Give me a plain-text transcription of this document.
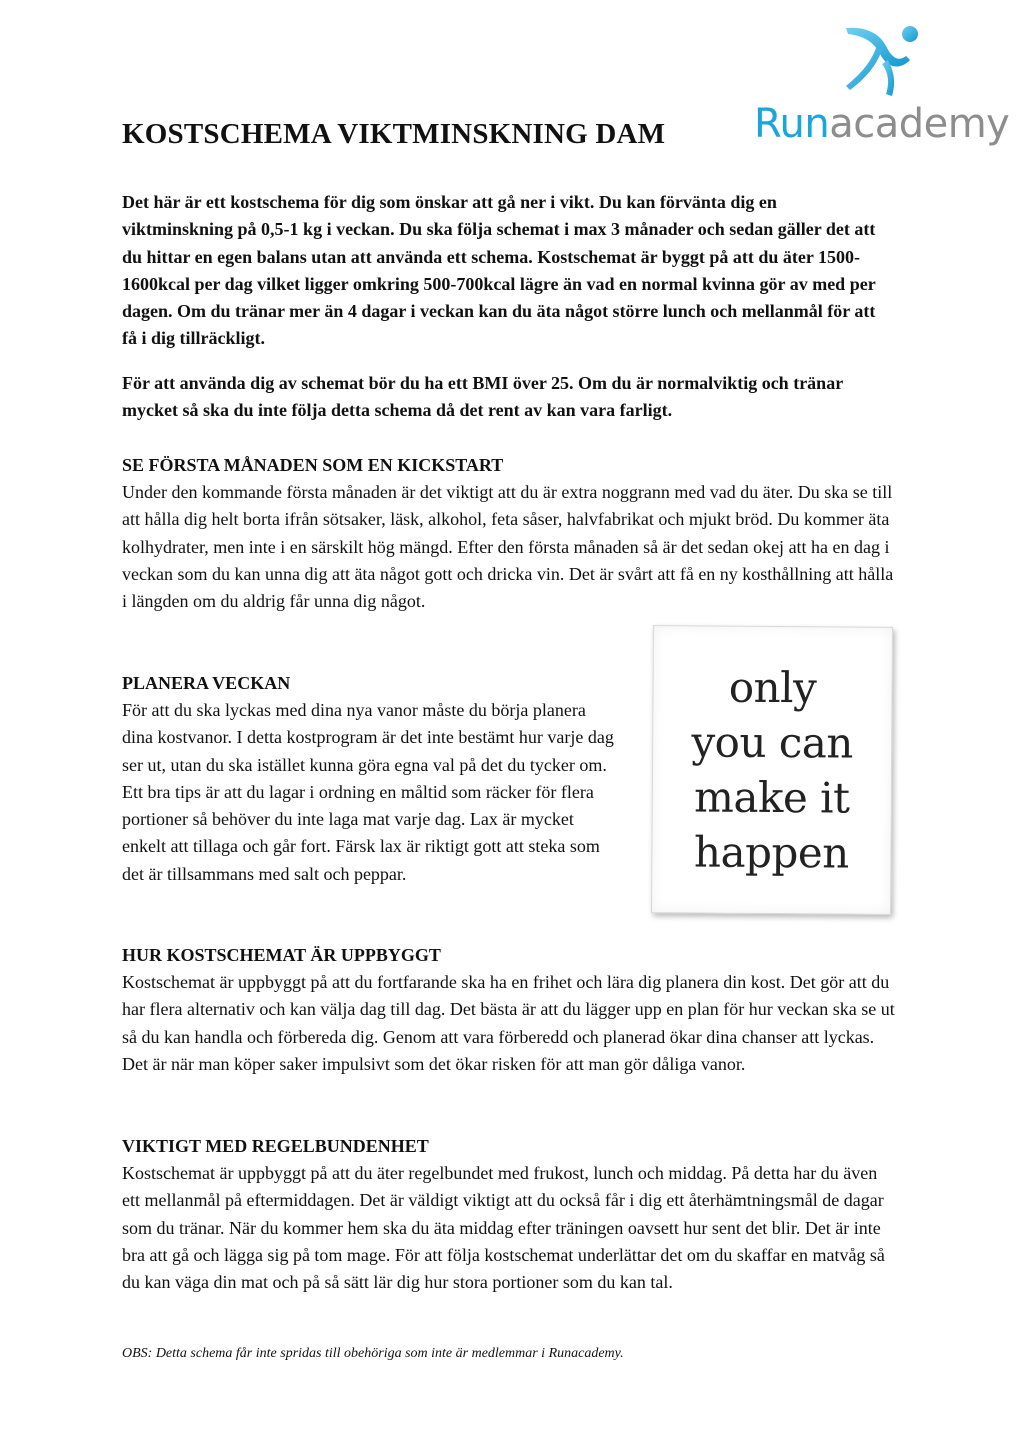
Runacademy
KOSTSCHEMA VIKTMINSKNING DAM

Det här är ett kostschema för dig som önskar att gå ner i vikt. Du kan förvänta dig en viktminskning på 0,5-1 kg i veckan. Du ska följa schemat i max 3 månader och sedan gäller det att du hittar en egen balans utan att använda ett schema. Kostschemat är byggt på att du äter 1500-1600kcal per dag vilket ligger omkring 500-700kcal lägre än vad en normal kvinna gör av med per dagen. Om du tränar mer än 4 dagar i veckan kan du äta något större lunch och mellanmål för att få i dig tillräckligt.

För att använda dig av schemat bör du ha ett BMI över 25. Om du är normalviktig och tränar mycket så ska du inte följa detta schema då det rent av kan vara farligt.

SE FÖRSTA MÅNADEN SOM EN KICKSTART

Under den kommande första månaden är det viktigt att du är extra noggrann med vad du äter. Du ska se till att hålla dig helt borta ifrån sötsaker, läsk, alkohol, feta såser, halvfabrikat och mjukt bröd. Du kommer äta kolhydrater, men inte i en särskilt hög mängd. Efter den första månaden så är det sedan okej att ha en dag i veckan som du kan unna dig att äta något gott och dricka vin. Det är svårt att få en ny kosthållning att hålla i längden om du aldrig får unna dig något.

PLANERA VECKAN

För att du ska lyckas med dina nya vanor måste du börja planera dina kostvanor. I detta kostprogram är det inte bestämt hur varje dag ser ut, utan du ska istället kunna göra egna val på det du tycker om. Ett bra tips är att du lagar i ordning en måltid som räcker för flera portioner så behöver du inte laga mat varje dag. Lax är mycket enkelt att tillaga och går fort. Färsk lax är riktigt gott att steka som det är tillsammans med salt och peppar.

only
you can
make it
happen
HUR KOSTSCHEMAT ÄR UPPBYGGT

Kostschemat är uppbyggt på att du fortfarande ska ha en frihet och lära dig planera din kost. Det gör att du har flera alternativ och kan välja dag till dag. Det bästa är att du lägger upp en plan för hur veckan ska se ut så du kan handla och förbereda dig. Genom att vara förberedd och planerad ökar dina chanser att lyckas. Det är när man köper saker impulsivt som det ökar risken för att man gör dåliga vanor.

VIKTIGT MED REGELBUNDENHET

Kostschemat är uppbyggt på att du äter regelbundet med frukost, lunch och middag. På detta har du även ett mellanmål på eftermiddagen. Det är väldigt viktigt att du också får i dig ett återhämtningsmål de dagar som du tränar. När du kommer hem ska du äta middag efter träningen oavsett hur sent det blir. Det är inte bra att gå och lägga sig på tom mage. För att följa kostschemat underlättar det om du skaffar en matvåg så du kan väga din mat och på så sätt lär dig hur stora portioner som du kan tal.

OBS: Detta schema får inte spridas till obehöriga som inte är medlemmar i Runacademy.
